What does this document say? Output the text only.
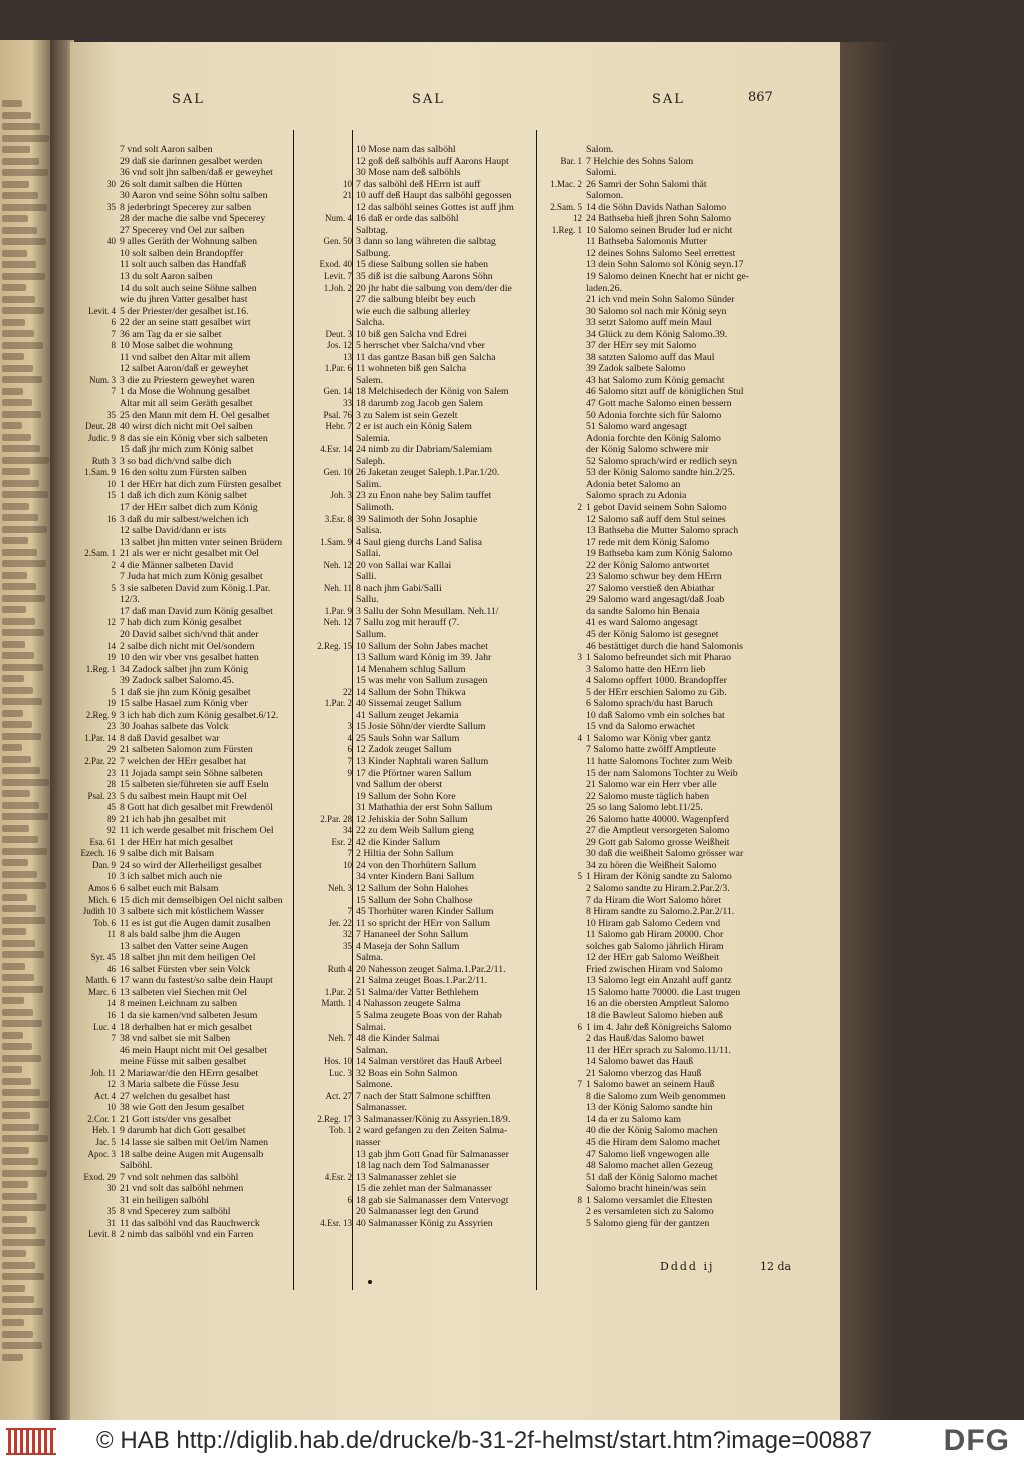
SAL	SAL	SAL	867
7 vnd solt Aaron salben
29 daß sie darinnen gesalbet werden
36 vnd solt jhn salben/daß er geweyhet
30 26 solt damit salben die Hütten
30 Aaron vnd seine Söhn soltu salben
35 8 jederbringt Specerey zur salben
28 der mache die salbe vnd Specerey
27 Specerey vnd Oel zur salben
40 9 alles Geräth der Wohnung salben
10 solt salben dein Brandopffer
11 solt auch salben das Handfaß
13 du solt Aaron salben
14 du solt auch seine Söhne salben
wie du jhren Vatter gesalbet hast
Levit. 4 5 der Priester/der gesalbet ist.16.
6 22 der an seine statt gesalbet wirt
7 36 am Tag da er sie salbet
8 10 Mose salbet die wohnung
11 vnd salbet den Altar mit allem
12 salbet Aaron/daß er geweyhet
Num. 3 3 die zu Priestern geweyhet waren
7 1 da Mose die Wohnung gesalbet
Altar mit all seim Geräth gesalbet
35 25 den Mann mit dem H. Oel gesalbet
Deut. 28 40 wirst dich nicht mit Oel salben
Judic. 9 8 das sie ein König vber sich salbeten
15 daß jhr mich zum König salbet
Ruth 3 3 so bad dich/vnd salbe dich
1.Sam. 9 16 den soltu zum Fürsten salben
10 1 der HErr hat dich zum Fürsten gesalbet
15 1 daß ich dich zum König salbet
17 der HErr salbet dich zum König
16 3 daß du mir salbest/welchen ich
12 salbe David/dann er ists
13 salbet jhn mitten vnter seinen Brüdern
2.Sam. 1 21 als wer er nicht gesalbet mit Oel
2 4 die Männer salbeten David
7 Juda hat mich zum König gesalbet
5 3 sie salbeten David zum König.1.Par.
12/3.
17 daß man David zum König gesalbet
12 7 hab dich zum König gesalbet
20 David salbet sich/vnd thät ander
14 2 salbe dich nicht mit Oel/sondern
19 10 den wir vber vns gesalbet hatten
1.Reg. 1 34 Zadock salbet jhn zum König
39 Zadock salbet Salomo.45.
5 1 daß sie jhn zum König gesalbet
19 15 salbe Hasael zum König vber
2.Reg. 9 3 ich hab dich zum König gesalbet.6/12.
23 30 Joahas salbete das Volck
1.Par. 14 8 daß David gesalbet war
29 21 salbeten Salomon zum Fürsten
2.Par. 22 7 welchen der HErr gesalbet hat
23 11 Jojada sampt sein Söhne salbeten
28 15 salbeten sie/führeten sie auff Eseln
Psal. 23 5 du salbest mein Haupt mit Oel
45 8 Gott hat dich gesalbet mit Frewdenöl
89 21 ich hab jhn gesalbet mit
92 11 ich werde gesalbet mit frischem Oel
Esa. 61 1 der HErr hat mich gesalbet
Ezech. 16 9 salbe dich mit Balsam
Dan. 9 24 so wird der Allerheiligst gesalbet
10 3 ich salbet mich auch nie
Amos 6 6 salbet euch mit Balsam
Mich. 6 15 dich mit demselbigen Oel nicht salben
Judith 10 3 salbete sich mit köstlichem Wasser
Tob. 6 11 es ist gut die Augen damit zusalben
11 8 als bald salbe jhm die Augen
13 salbet den Vatter seine Augen
Syr. 45 18 salbet jhn mit dem heiligen Oel
46 16 salbet Fürsten vber sein Volck
Matth. 6 17 wann du fastest/so salbe dein Haupt
Marc. 6 13 salbeten viel Siechen mit Oel
14 8 meinen Leichnam zu salben
16 1 da sie kamen/vnd salbeten Jesum
Luc. 4 18 derhalben hat er mich gesalbet
7 38 vnd salbet sie mit Salben
46 mein Haupt nicht mit Oel gesalbet
meine Füsse mit salben gesalbet
Joh. 11 2 Mariawar/die den HErrn gesalbet
12 3 Maria salbete die Füsse Jesu
Act. 4 27 welchen du gesalbet hast
10 38 wie Gott den Jesum gesalbet
2.Cor. 1 21 Gott ists/der vns gesalbet
Heb. 1 9 darumb hat dich Gott gesalbet
Jac. 5 14 lasse sie salben mit Oel/im Namen
Apoc. 3 18 salbe deine Augen mit Augensalb
Salböhl.
Exod. 29 7 vnd solt nehmen das salböhl
30 21 vnd solt das salböhl nehmen
31 ein heiligen salböhl
35 8 vnd Specerey zum salböhl
31 11 das salböhl vnd das Rauchwerck
Levit. 8 2 nimb das salböhl vnd ein Farren
10 Mose nam das salböhl
12 goß deß salböhls auff Aarons Haupt
30 Mose nam deß salböhls
10 7 das salböhl deß HErrn ist auff
21 10 auff deß Haupt das salböhl gegossen
12 das salböhl seines Gottes ist auff jhm
Num. 4 16 daß er orde das salböhl
Salbtag.
Gen. 50 3 dann so lang währeten die salbtag
Salbung.
Exod. 40 15 diese Salbung sollen sie haben
Levit. 7 35 diß ist die salbung Aarons Söhn
1.Joh. 2 20 jhr habt die salbung von dem/der die
27 die salbung bleibt bey euch
wie euch die salbung allerley
Salcha.
Deut. 3 10 biß gen Salcha vnd Edrei
Jos. 12 5 herrschet vber Salcha/vnd vber
13 11 das gantze Basan biß gen Salcha
1.Par. 6 11 wohneten biß gen Salcha
Salem.
Gen. 14 18 Melchisedech der König von Salem
33 18 darumb zog Jacob gen Salem
Psal. 76 3 zu Salem ist sein Gezelt
Hebr. 7 2 er ist auch ein König Salem
Salemia.
4.Esr. 14 24 nimb zu dir Dabriam/Salemiam
Saleph.
Gen. 10 26 Jaketan zeuget Saleph.1.Par.1/20.
Salim.
Joh. 3 23 zu Enon nahe bey Salim tauffet
Salimoth.
3.Esr. 8 39 Salimoth der Sohn Josaphie
Salisa.
1.Sam. 9 4 Saul gieng durchs Land Salisa
Sallai.
Neh. 12 20 von Sallai war Kallai
Salli.
Neh. 11 8 nach jhm Gabi/Salli
Sallu.
1.Par. 9 3 Sallu der Sohn Mesullam. Neh.11/
Neh. 12 7 Sallu zog mit herauff (7.
Sallum.
2.Reg. 15 10 Sallum der Sohn Jabes machet
13 Sallum ward König im 39. Jahr
14 Menahem schlug Sallum
15 was mehr von Sallum zusagen
22 14 Sallum der Sohn Thikwa
1.Par. 2 40 Sissemai zeuget Sallum
41 Sallum zeuget Jekamia
3 15 Josie Söhn/der vierdte Sallum
4 25 Sauls Sohn war Sallum
6 12 Zadok zeuget Sallum
7 13 Kinder Naphtali waren Sallum
9 17 die Pförtner waren Sallum
vnd Sallum der oberst
19 Sallum der Sohn Kore
31 Mathathia der erst Sohn Sallum
2.Par. 28 12 Jehiskia der Sohn Sallum
34 22 zu dem Weib Sallum gieng
Esr. 2 42 die Kinder Sallum
7 2 Hiltia der Sohn Sallum
10 24 von den Thorhütern Sallum
34 vnter Kindern Bani Sallum
Neh. 3 12 Sallum der Sohn Halohes
15 Sallum der Sohn Chalhose
7 45 Thorhüter waren Kinder Sallum
Jer. 22 11 so spricht der HErr von Sallum
32 7 Hananeel der Sohn Sallum
35 4 Maseja der Sohn Sallum
Salma.
Ruth 4 20 Nahesson zeuget Salma.1.Par.2/11.
21 Salma zeuget Boas.1.Par.2/11.
1.Par. 2 51 Salma/der Vatter Bethlehem
Matth. 1 4 Nahasson zeugete Salma
5 Salma zeugete Boas von der Rahab
Salmai.
Neh. 7 48 die Kinder Salmai
Salman.
Hos. 10 14 Salman verstöret das Hauß Arbeel
Luc. 3 32 Boas ein Sohn Salmon
Salmone.
Act. 27 7 nach der Statt Salmone schifften
Salmanasser.
2.Reg. 17 3 Salmanasser/König zu Assyrien.18/9.
Tob. 1 2 ward gefangen zu den Zeiten Salma-
nasser
13 gab jhm Gott Gnad für Salmanasser
18 lag nach dem Tod Salmanasser
4.Esr. 2 13 Salmanasser zehlet sie
15 die zehlet man der Salmanasser
6 18 gab sie Salmanasser dem Vntervogt
20 Salmanasser legt den Grund
4.Esr. 13 40 Salmanasser König zu Assyrien
Salom.
Bar. 1 7 Helchie des Sohns Salom
Salomi.
1.Mac. 2 26 Samri der Sohn Salomi thät
Salomon.
2.Sam. 5 14 die Söhn Davids Nathan Salomo
12 24 Bathseba hieß jhren Sohn Salomo
1.Reg. 1 10 Salomo seinen Bruder lud er nicht
11 Bathseba Salomonis Mutter
12 deines Sohns Salomo Seel errettest
13 dein Sohn Salomo sol König seyn.17
19 Salomo deinen Knecht hat er nicht ge-
laden.26.
21 ich vnd mein Sohn Salomo Sünder
30 Salomo sol nach mir König seyn
33 setzt Salomo auff mein Maul
34 Glück zu dem König Salomo.39.
37 der HErr sey mit Salomo
38 satzten Salomo auff das Maul
39 Zadok salbete Salomo
43 hat Salomo zum König gemacht
46 Salomo sitzt auff de königlichen Stul
47 Gott mache Salomo einen bessern
50 Adonia forchte sich für Salomo
51 Salomo ward angesagt
Adonia forchte den König Salomo
der König Salomo schwere mir
52 Salomo sprach/wird er redlich seyn
53 der König Salomo sandte hin.2/25.
Adonia betet Salomo an
Salomo sprach zu Adonia
2 1 gebot David seinem Sohn Salomo
12 Salomo saß auff dem Stul seines
13 Bathseba die Mutter Salomo sprach
17 rede mit dem König Salomo
19 Bathseba kam zum König Salomo
22 der König Salomo antwortet
23 Salomo schwur bey dem HErrn
27 Salomo verstieß den Abiathar
29 Salomo ward angesagt/daß Joab
da sandte Salomo hin Benaia
41 es ward Salomo angesagt
45 der König Salomo ist gesegnet
46 bestättiget durch die hand Salomonis
3 1 Salomo befreundet sich mit Pharao
3 Salomo hatte den HErrn lieb
4 Salomo opffert 1000. Brandopffer
5 der HErr erschien Salomo zu Gib.
6 Salomo sprach/du hast Baruch
10 daß Salomo vmb ein solches bat
15 vnd da Salomo erwachet
4 1 Salomo war König vber gantz
7 Salomo hatte zwölff Amptleute
11 hatte Salomons Tochter zum Weib
15 der nam Salomons Tochter zu Weib
21 Salomo war ein Herr vber alle
22 Salomo muste täglich haben
25 so lang Salomo lebt.11/25.
26 Salomo hatte 40000. Wagenpferd
27 die Amptleut versorgeten Salomo
29 Gott gab Salomo grosse Weißheit
30 daß die weißheit Salomo grösser war
34 zu hören die Weißheit Salomo
5 1 Hiram der König sandte zu Salomo
2 Salomo sandte zu Hiram.2.Par.2/3.
7 da Hiram die Wort Salomo höret
8 Hiram sandte zu Salomo.2.Par.2/11.
10 Hiram gab Salomo Cedern vnd
11 Salomo gab Hiram 20000. Chor
solches gab Salomo jährlich Hiram
12 der HErr gab Salomo Weißheit
Fried zwischen Hiram vnd Salomo
13 Salomo legt ein Anzahl auff gantz
15 Salomo hatte 70000. die Last trugen
16 an die obersten Amptleut Salomo
18 die Bawleut Salomo hieben auß
6 1 im 4. Jahr deß Königreichs Salomo
2 das Hauß/das Salomo bawet
11 der HErr sprach zu Salomo.11/11.
14 Salomo bawet das Hauß
21 Salomo vberzog das Hauß
7 1 Salomo bawet an seinem Hauß
8 die Salomo zum Weib genommen
13 der König Salomo sandte hin
14 da er zu Salomo kam
40 die der König Salomo machen
45 die Hiram dem Salomo machet
47 Salomo ließ vngewogen alle
48 Salomo machet allen Gezeug
51 daß der König Salomo machet
Salomo bracht hinein/was sein
8 1 Salomo versamlet die Eltesten
2 es versamleten sich zu Salomo
5 Salomo gieng für der gantzen
Dddd ij	12 da
© HAB http://diglib.hab.de/drucke/b-31-2f-helmst/start.htm?image=00887 DFG
